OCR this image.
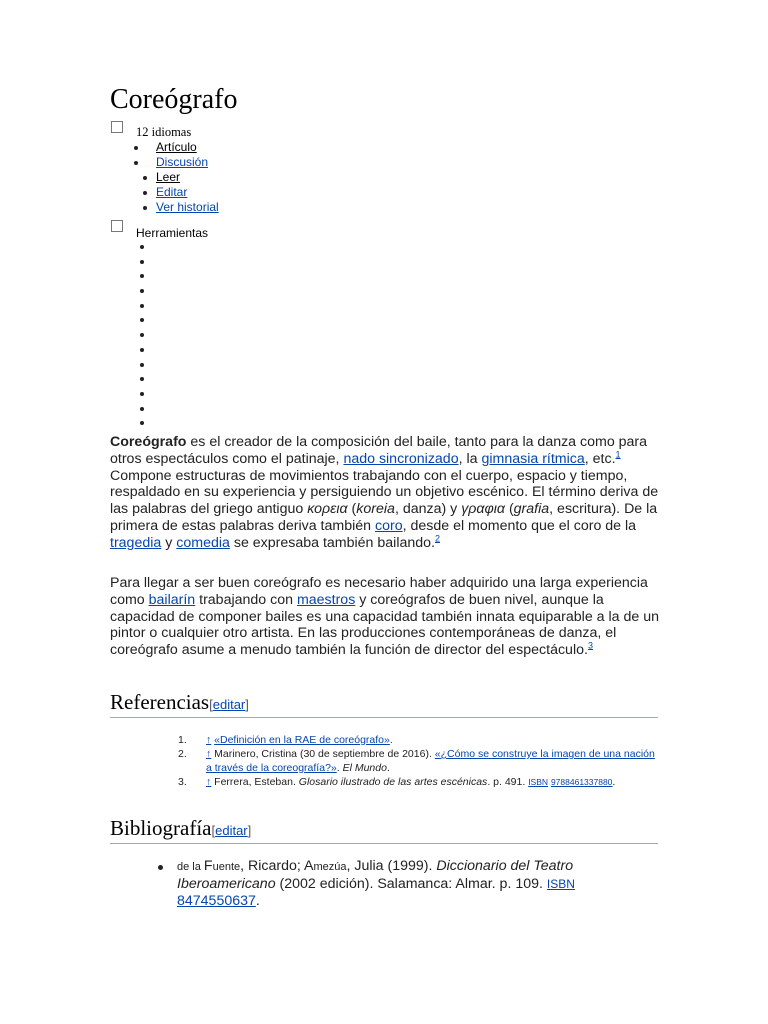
Coreógrafo
12 idiomas
Artículo
Discusión
Leer
Editar
Ver historial
Herramientas

Coreógrafo es el creador de la composición del baile, tanto para la danza como para otros espectáculos como el patinaje, nado sincronizado, la gimnasia rítmica, etc.$^1$ Compone estructuras de movimientos trabajando con el cuerpo, espacio y tiempo, respaldado en su experiencia y persiguiendo un objetivo escénico. El término deriva de las palabras del griego antiguo κορεια (koreia, danza) y γραφια (grafia, escritura). De la primera de estas palabras deriva también coro, desde el momento que el coro de la tragedia y comedia se expresaba también bailando.$^2$

Para llegar a ser buen coreógrafo es necesario haber adquirido una larga experiencia como bailarín trabajando con maestros y coreógrafos de buen nivel, aunque la capacidad de componer bailes es una capacidad también innata equiparable a la de un pintor o cualquier otro artista. En las producciones contemporáneas de danza, el coreógrafo asume a menudo también la función de director del espectáculo.$^3$

Referencias[editar]
1. ↑ «Definición en la RAE de coreógrafo».
2. ↑ Marinero, Cristina (30 de septiembre de 2016). «¿Cómo se construye la imagen de una nación a través de la coreografía?». El Mundo.
3. ↑ Ferrera, Esteban. Glosario ilustrado de las artes escénicas. p. 491. ISBN 9788461337880.
Bibliografía[editar]
de la Fuente, Ricardo; Amezúa, Julia (1999). Diccionario del Teatro Iberoamericano (2002 edición). Salamanca: Almar. p. 109. ISBN 8474550637.
